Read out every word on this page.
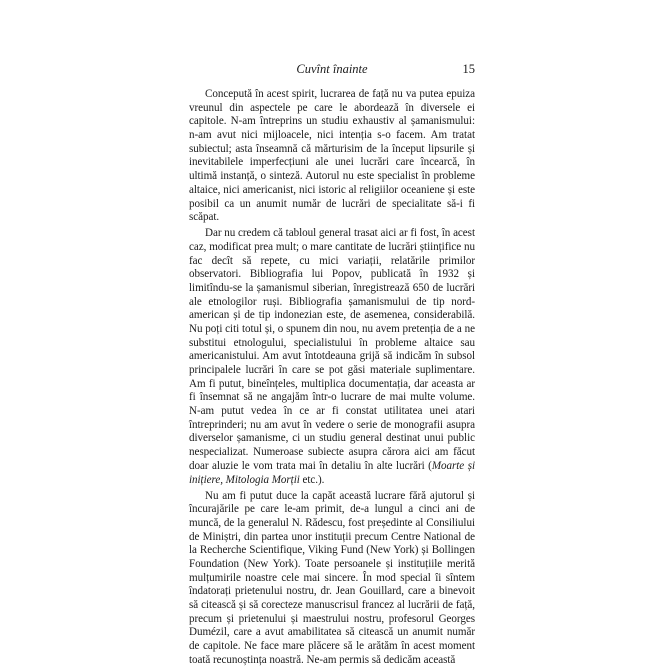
Cuvînt înainte	15

Concepută în acest spirit, lucrarea de față nu va putea epuiza vreunul din aspectele pe care le abordează în diversele ei capitole. N-am întreprins un studiu exhaustiv al șamanismului: n-am avut nici mijloacele, nici intenția s-o facem. Am tratat subiectul; asta înseamnă că mărturisim de la început lipsurile și inevitabilele imperfecțiuni ale unei lucrări care încearcă, în ultimă instanță, o sinteză. Autorul nu este specialist în probleme altaice, nici americanist, nici istoric al religiilor oceaniene și este posibil ca un anumit număr de lucrări de specialitate să-i fi scăpat.

Dar nu credem că tabloul general trasat aici ar fi fost, în acest caz, modificat prea mult; o mare cantitate de lucrări științifice nu fac decît să repete, cu mici variații, relatările primilor observatori. Bibliografia lui Popov, publicată în 1932 și limitîndu-se la șamanismul siberian, înregistrează 650 de lucrări ale etnologilor ruși. Bibliografia șamanismului de tip nord-american și de tip indonezian este, de asemenea, considerabilă. Nu poți citi totul și, o spunem din nou, nu avem pretenția de a ne substitui etnologului, specialistului în probleme altaice sau americanistului. Am avut întotdeauna grijă să indicăm în subsol principalele lucrări în care se pot găsi materiale suplimentare. Am fi putut, bineînțeles, multiplica documentația, dar aceasta ar fi însemnat să ne angajăm într-o lucrare de mai multe volume. N-am putut vedea în ce ar fi constat utilitatea unei atari întreprinderi; nu am avut în vedere o serie de monografii asupra diverselor șamanisme, ci un studiu general destinat unui public nespecializat. Numeroase subiecte asupra cărora aici am făcut doar aluzie le vom trata mai în detaliu în alte lucrări (Moarte și inițiere, Mitologia Morții etc.).

Nu am fi putut duce la capăt această lucrare fără ajutorul și încurajările pe care le-am primit, de-a lungul a cinci ani de muncă, de la generalul N. Rădescu, fost președinte al Consiliului de Miniștri, din partea unor instituții precum Centre National de la Recherche Scientifique, Viking Fund (New York) și Bollingen Foundation (New York). Toate persoanele și instituțiile merită mulțumirile noastre cele mai sincere. În mod special îi sîntem îndatorați prietenului nostru, dr. Jean Gouillard, care a binevoit să citească și să corecteze manuscrisul francez al lucrării de față, precum și prietenului și maestrului nostru, profesorul Georges Dumézil, care a avut amabilitatea să citească un anumit număr de capitole. Ne face mare plăcere să le arătăm în acest moment toată recunoștința noastră. Ne-am permis să dedicăm această
